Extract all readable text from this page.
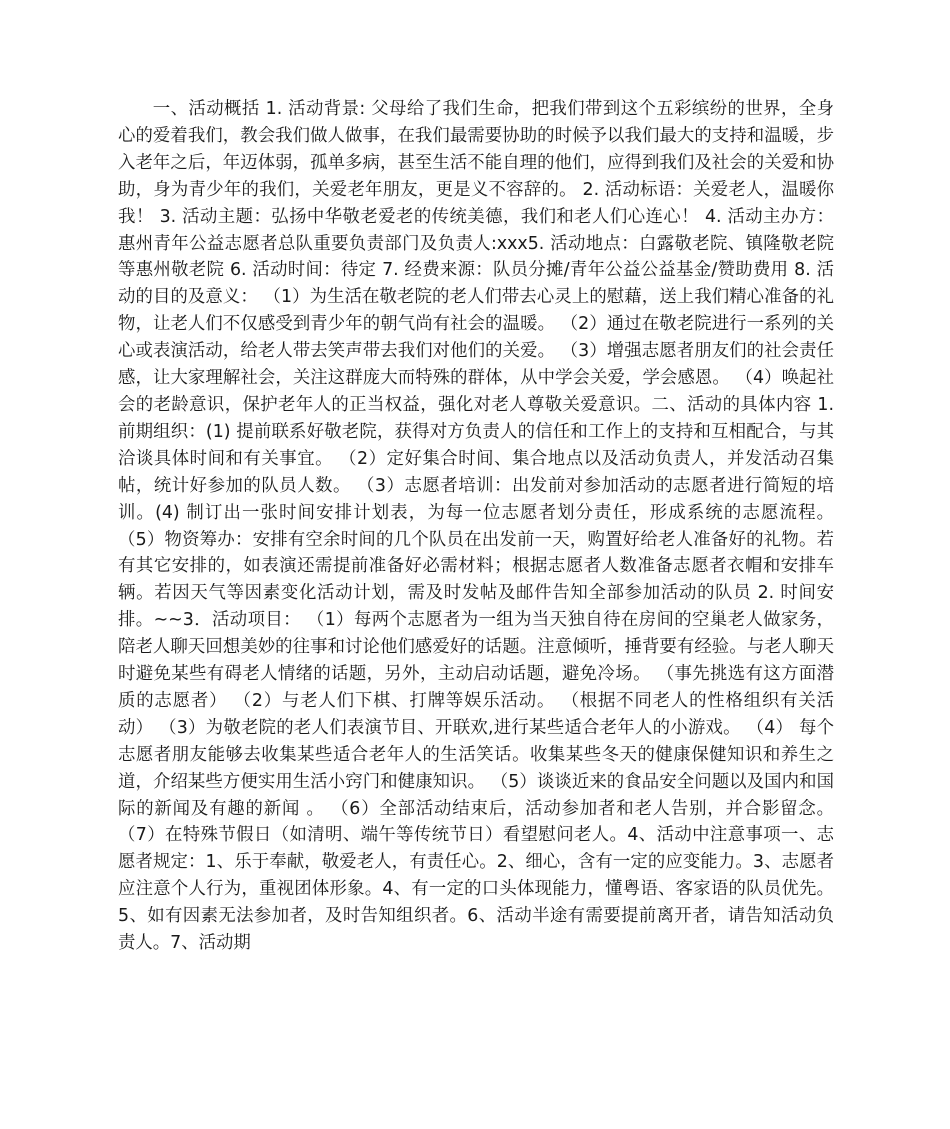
一、活动概括 1. 活动背景: 父母给了我们生命，把我们带到这个五彩缤纷的世界，全身心的爱着我们，教会我们做人做事，在我们最需要协助的时候予以我们最大的支持和温暖，步入老年之后，年迈体弱，孤单多病，甚至生活不能自理的他们，应得到我们及社会的关爱和协助，身为青少年的我们，关爱老年朋友，更是义不容辞的。 2. 活动标语：关爱老人，温暖你我！ 3. 活动主题：弘扬中华敬老爱老的传统美德，我们和老人们心连心！ 4. 活动主办方：惠州青年公益志愿者总队重要负责部门及负责人:xxx5. 活动地点：白露敬老院、镇隆敬老院等惠州敬老院 6. 活动时间：待定 7. 经费来源：队员分摊/青年公益公益基金/赞助费用 8. 活动的目的及意义： （1）为生活在敬老院的老人们带去心灵上的慰藉，送上我们精心准备的礼物，让老人们不仅感受到青少年的朝气尚有社会的温暖。 （2）通过在敬老院进行一系列的关心或表演活动，给老人带去笑声带去我们对他们的关爱。 （3）增强志愿者朋友们的社会责任感，让大家理解社会，关注这群庞大而特殊的群体，从中学会关爱，学会感恩。 （4）唤起社会的老龄意识，保护老年人的正当权益，强化对老人尊敬关爱意识。二、活动的具体内容 1.前期组织：(1) 提前联系好敬老院，获得对方负责人的信任和工作上的支持和互相配合，与其洽谈具体时间和有关事宜。 （2）定好集合时间、集合地点以及活动负责人，并发活动召集帖，统计好参加的队员人数。 （3）志愿者培训：出发前对参加活动的志愿者进行简短的培训。(4) 制订出一张时间安排计划表，为每一位志愿者划分责任，形成系统的志愿流程。 （5）物资筹办：安排有空余时间的几个队员在出发前一天，购置好给老人准备好的礼物。若有其它安排的，如表演还需提前准备好必需材料；根据志愿者人数准备志愿者衣帽和安排车辆。若因天气等因素变化活动计划，需及时发帖及邮件告知全部参加活动的队员 2. 时间安排。~~3．活动项目： （1）每两个志愿者为一组为当天独自待在房间的空巢老人做家务，陪老人聊天回想美妙的往事和讨论他们感爱好的话题。注意倾听，捶背要有经验。与老人聊天时避免某些有碍老人情绪的话题，另外，主动启动话题，避免冷场。 （事先挑选有这方面潜质的志愿者） （2）与老人们下棋、打牌等娱乐活动。 （根据不同老人的性格组织有关活动） （3）为敬老院的老人们表演节目、开联欢,进行某些适合老年人的小游戏。 （4） 每个志愿者朋友能够去收集某些适合老年人的生活笑话。收集某些冬天的健康保健知识和养生之道，介绍某些方便实用生活小窍门和健康知识。 （5）谈谈近来的食品安全问题以及国内和国际的新闻及有趣的新闻 。 （6）全部活动结束后，活动参加者和老人告别，并合影留念。 （7）在特殊节假日（如清明、端午等传统节日）看望慰问老人。4、活动中注意事项一、志愿者规定：1、乐于奉献，敬爱老人，有责任心。2、细心，含有一定的应变能力。3、志愿者应注意个人行为，重视团体形象。4、有一定的口头体现能力，懂粤语、客家语的队员优先。5、如有因素无法参加者，及时告知组织者。6、活动半途有需要提前离开者，请告知活动负责人。7、活动期
